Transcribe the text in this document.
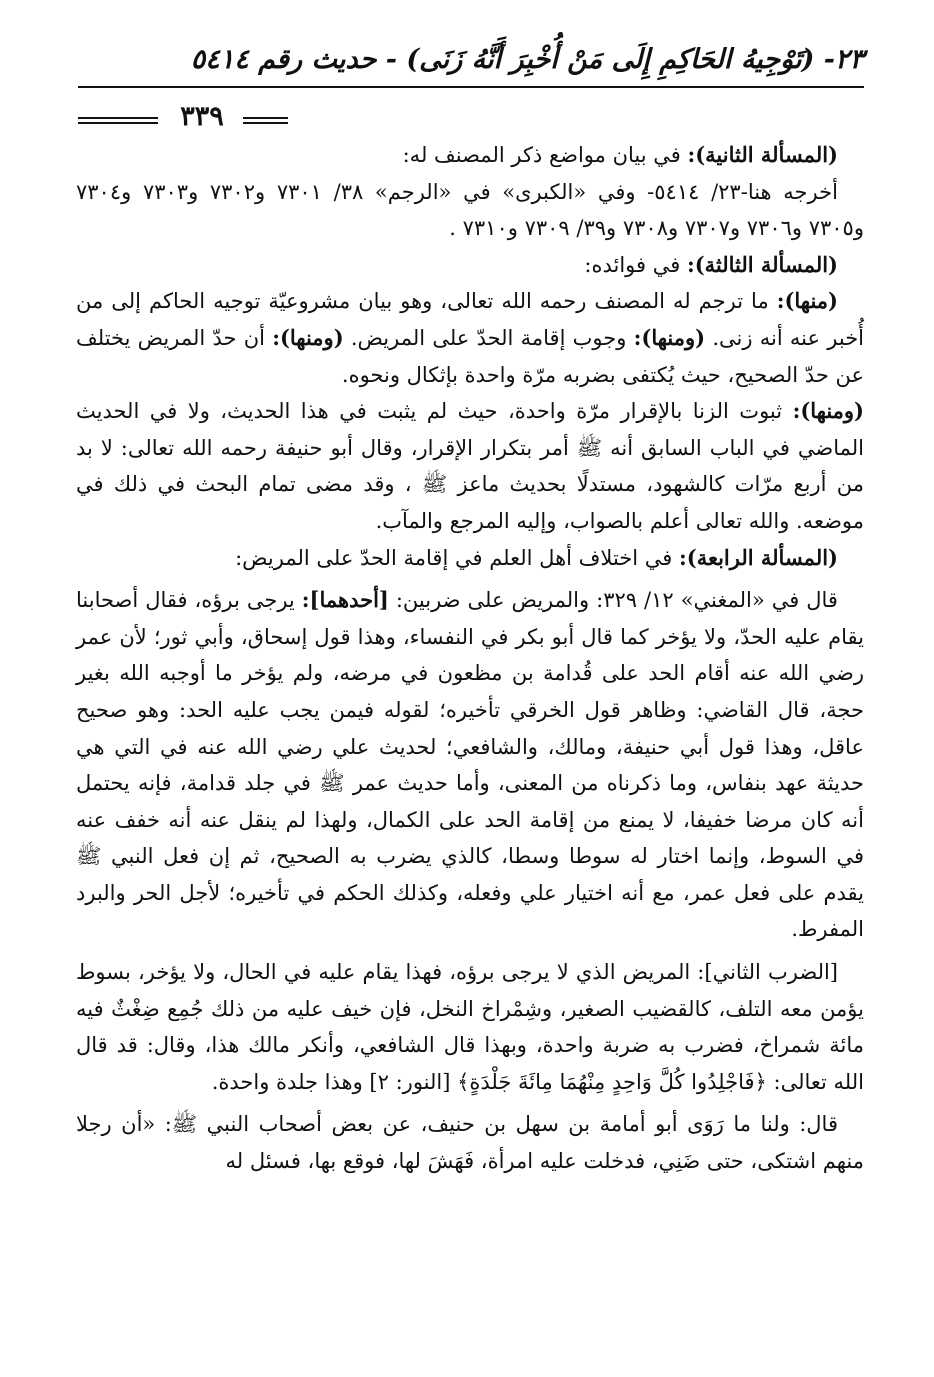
٢٣- (تَوْجِيهُ الحَاكِمِ إِلَى مَنْ أُخْبِرَ أَنَّهُ زَنَى) - حديث رقم ٥٤١٤
٣٣٩

(المسألة الثانية): في بيان مواضع ذكر المصنف له:

أخرجه هنا-٢٣/ ٥٤١٤- وفي «الكبرى» في «الرجم» ٣٨/ ٧٣٠١ و٧٣٠٢ و٧٣٠٣ و٧٣٠٤ و٧٣٠٥ و٧٣٠٦ و٧٣٠٧ و٧٣٠٨ و٣٩/ ٧٣٠٩ و٧٣١٠ .

(المسألة الثالثة): في فوائده:

(منها): ما ترجم له المصنف رحمه الله تعالى، وهو بيان مشروعيّة توجيه الحاكم إلى من أُخبر عنه أنه زنى. (ومنها): وجوب إقامة الحدّ على المريض. (ومنها): أن حدّ المريض يختلف عن حدّ الصحيح، حيث يُكتفى بضربه مرّة واحدة بإثكال ونحوه.

(ومنها): ثبوت الزنا بالإقرار مرّة واحدة، حيث لم يثبت في هذا الحديث، ولا في الحديث الماضي في الباب السابق أنه ﷺ أمر بتكرار الإقرار، وقال أبو حنيفة رحمه الله تعالى: لا بد من أربع مرّات كالشهود، مستدلًا بحديث ماعز ﷺ ، وقد مضى تمام البحث في ذلك في موضعه. والله تعالى أعلم بالصواب، وإليه المرجع والمآب.

(المسألة الرابعة): في اختلاف أهل العلم في إقامة الحدّ على المريض:

قال في «المغني» ١٢/ ٣٢٩: والمريض على ضربين: [أحدهما]: يرجى برؤه، فقال أصحابنا يقام عليه الحدّ، ولا يؤخر كما قال أبو بكر في النفساء، وهذا قول إسحاق، وأبي ثور؛ لأن عمر رضي الله عنه أقام الحد على قُدامة بن مظعون في مرضه، ولم يؤخر ما أوجبه الله بغير حجة، قال القاضي: وظاهر قول الخرقي تأخيره؛ لقوله فيمن يجب عليه الحد: وهو صحيح عاقل، وهذا قول أبي حنيفة، ومالك، والشافعي؛ لحديث علي رضي الله عنه في التي هي حديثة عهد بنفاس، وما ذكرناه من المعنى، وأما حديث عمر ﷺ في جلد قدامة، فإنه يحتمل أنه كان مرضا خفيفا، لا يمنع من إقامة الحد على الكمال، ولهذا لم ينقل عنه أنه خفف عنه في السوط، وإنما اختار له سوطا وسطا، كالذي يضرب به الصحيح، ثم إن فعل النبي ﷺ يقدم على فعل عمر، مع أنه اختيار علي وفعله، وكذلك الحكم في تأخيره؛ لأجل الحر والبرد المفرط.

[الضرب الثاني]: المريض الذي لا يرجى برؤه، فهذا يقام عليه في الحال، ولا يؤخر، بسوط يؤمن معه التلف، كالقضيب الصغير، وشِمْراخ النخل، فإن خيف عليه من ذلك جُمِع ضِغْثٌ فيه مائة شمراخ، فضرب به ضربة واحدة، وبهذا قال الشافعي، وأنكر مالك هذا، وقال: قد قال الله تعالى: ﴿فَاجْلِدُوا كُلَّ وَاحِدٍ مِنْهُمَا مِائَةَ جَلْدَةٍ﴾ [النور: ٢] وهذا جلدة واحدة.

قال: ولنا ما رَوَى أبو أمامة بن سهل بن حنيف، عن بعض أصحاب النبي ﷺ: «أن رجلا منهم اشتكى، حتى ضَنِي، فدخلت عليه امرأة، فَهَشَ لها، فوقع بها، فسئل له
